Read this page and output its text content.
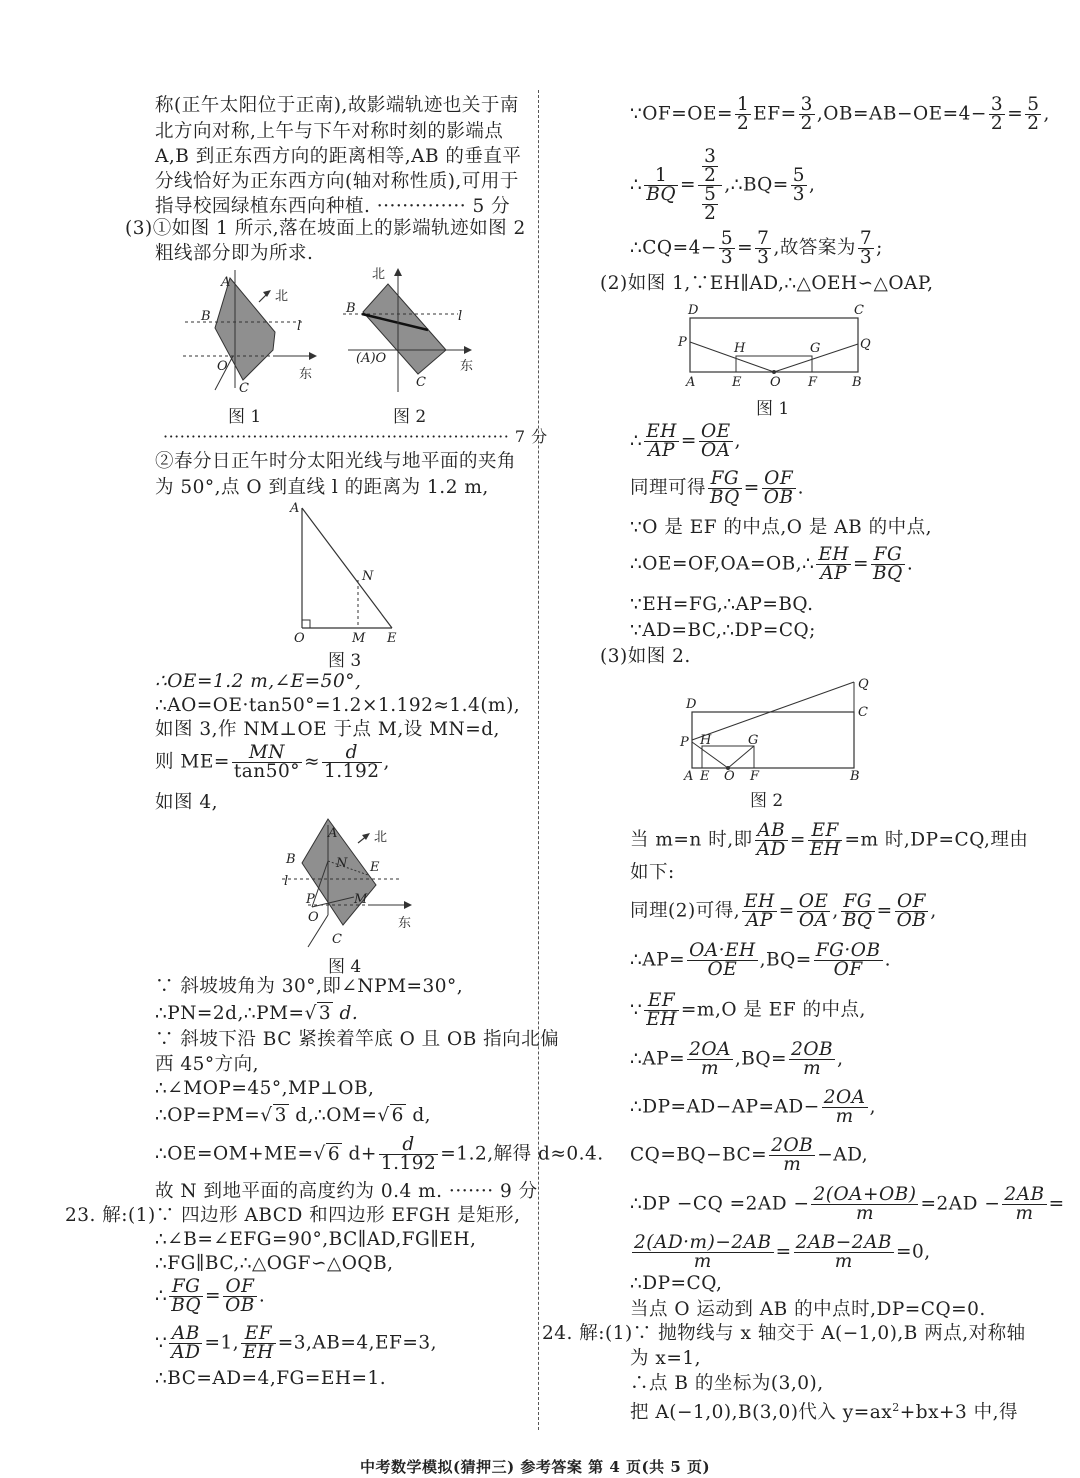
称(正午太阳位于正南),故影端轨迹也关于南
北方向对称,上午与下午对称时刻的影端点
A,B 到正东西方向的距离相等,AB 的垂直平
分线恰好为正东西方向(轴对称性质),可用于
指导校园绿植东西向种植. ·············· 5 分
(3)①如图 1 所示,落在坡面上的影端轨迹如图 2
粗线部分即为所求.
A
B
O
C
l
北
东
图 1
B
l
(A)O
C
北
东
图 2
······························································ 7 分
②春分日正午时分太阳光线与地平面的夹角
为 50°,点 O 到直线 l 的距离为 1.2 m,
A
N
O	M E
图 3
∴OE=1.2 m,∠E=50°,
∴AO=OE·tan50°=1.2×1.192≈1.4(m),
如图 3,作 NM⊥OE 于点 M,设 MN=d,
则 $ME= \frac{MN}{\tan 50^\circ} \approx \frac{d}{1.192}$ ,
如图 4,
A
B	N E
l
P
O
M
C
北
东
图 4
∵ 斜坡坡角为 30°,即∠NPM=30°,
∴PN=2d,∴PM=√ 3 d.
∵ 斜坡下沿 BC 紧挨着竿底 O 且 OB 指向北偏
西 45°方向,
∴∠MOP=45°,MP⊥OB,
∴OP=PM=√ 3 d,∴OM=√ 6 d,
∴OE=OM+ME=√ 6 $d+ \frac{d}{1.192} =1.2$,解得 d≈0.4.
故 N 到地平面的高度约为 0.4 m. ······· 9 分
23. 解:(1)∵ 四边形 ABCD 和四边形 EFGH 是矩形,
∴∠B=∠EFG=90°,BC∥AD,FG∥EH,
∴FG∥BC,∴△OGF∽△OQB,
∴ $\frac{FG}{BQ} = \frac{OF}{OB}$ .
∵ $\frac{AB}{AD} =1$, $\frac{EF}{EH} =3,AB=4,EF=3$,
∴BC=AD=4,FG=EH=1.
∵OF=OE= $\frac{1}{2} EF= \frac{3}{2} ,OB=AB-OE=4- \frac{3}{2} = \frac{5}{2}$ ,
∴ $\frac{1}{BQ} = \frac{\frac{3}{2}}{\frac{5}{2}}$ ,∴BQ= $\frac{5}{3}$ ,
∴CQ=4− $\frac{5}{3} = \frac{7}{3}$ ,故答案为 $\frac{7}{3}$ ;
(2)如图 1,∵EH∥AD,∴△OEH∽△OAP,
D	C
P	Q
H	G
A	E O F	B
图 1
∴ $\frac{EH}{AP} = \frac{OE}{OA}$ ,
同理可得 $\frac{FG}{BQ} = \frac{OF}{OB}$ .
∵O 是 EF 的中点,O 是 AB 的中点,
∴OE=OF,OA=OB,∴ $\frac{EH}{AP} = \frac{FG}{BQ}$ .
∵EH=FG,∴AP=BQ.
∵AD=BC,∴DP=CQ;
(3)如图 2.
D
C
Q
P H	G
A E O F	B
图 2
当 m=n 时,即 $\frac{AB}{AD} = \frac{EF}{EH} =m$ 时,DP=CQ,理由
如下:
同理(2)可得, $\frac{EH}{AP} = \frac{OE}{OA}$ , $\frac{FG}{BQ} = \frac{OF}{OB}$ ,
∴AP= $\frac{OA\cdot EH}{OE} ,BQ= \frac{FG\cdot OB}{OF}$ .
∵ $\frac{EF}{EH} =m,O$ 是 EF 的中点,
∴AP= $\frac{2OA}{m} ,BQ= \frac{2OB}{m}$ ,
∴DP=AD−AP=AD− $\frac{2OA}{m}$ ,
$CQ=BQ-BC= \frac{2OB}{m} -AD$,
∴DP $-CQ =2AD - \frac{2(OA+OB)}{m} =2AD - \frac{2AB}{m}$ =
$\frac{2(AD\cdot m)-2AB}{m} = \frac{2AB-2AB}{m} =0$,
∴DP=CQ,
当点 O 运动到 AB 的中点时,DP=CQ=0.
24. 解:(1)∵ 抛物线与 x 轴交于 A(−1,0),B 两点,对称轴
为 x=1,
∴点 B 的坐标为(3,0),
把 A(−1,0),B(3,0)代入 $y=ax^2+bx+3$ 中,得
中考数学模拟(猜押三) 参考答案 第 4 页(共 5 页)
